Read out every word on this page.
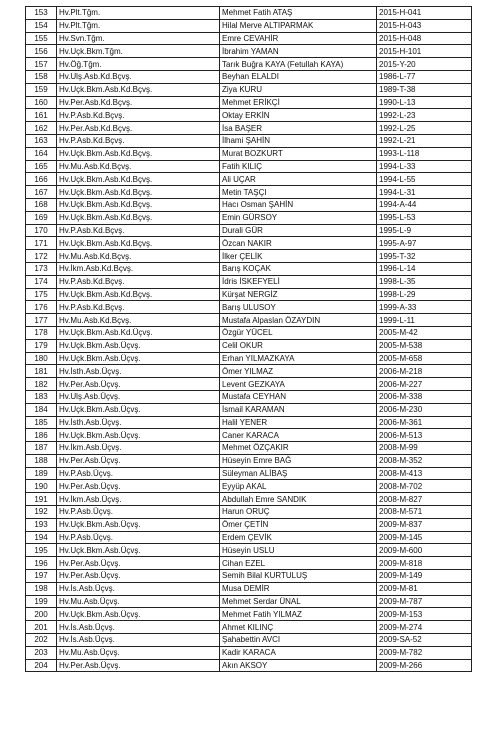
153	Hv.Plt.Tğm.	Mehmet Fatih ATAŞ	2015-H-041
154	Hv.Plt.Tğm.	Hilal Merve ALTIPARMAK	2015-H-043
155	Hv.Svn.Tğm.	Emre CEVAHİR	2015-H-048
156	Hv.Uçk.Bkm.Tğm.	İbrahim YAMAN	2015-H-101
157	Hv.Öğ.Tğm.	Tarık Buğra KAYA (Fetullah KAYA)	2015-Y-20
158	Hv.Ulş.Asb.Kd.Bçvş.	Beyhan ELALDI	1986-L-77
159	Hv.Uçk.Bkm.Asb.Kd.Bçvş.	Ziya KURU	1989-T-38
160	Hv.Per.Asb.Kd.Bçvş.	Mehmet ERİKÇİ	1990-L-13
161	Hv.P.Asb.Kd.Bçvş.	Oktay ERKİN	1992-L-23
162	Hv.Per.Asb.Kd.Bçvş.	İsa BAŞER	1992-L-25
163	Hv.P.Asb.Kd.Bçvş.	İlhami ŞAHİN	1992-L-21
164	Hv.Uçk.Bkm.Asb.Kd.Bçvş.	Murat BOZKURT	1993-L-118
165	Hv.Mu.Asb.Kd.Bçvş.	Fatih KILIÇ	1994-L-33
166	Hv.Uçk.Bkm.Asb.Kd.Bçvş.	Ali UÇAR	1994-L-55
167	Hv.Uçk.Bkm.Asb.Kd.Bçvş.	Metin TAŞÇI	1994-L-31
168	Hv.Uçk.Bkm.Asb.Kd.Bçvş.	Hacı Osman ŞAHİN	1994-A-44
169	Hv.Uçk.Bkm.Asb.Kd.Bçvş.	Emin GÜRSOY	1995-L-53
170	Hv.P.Asb.Kd.Bçvş.	Durali GÜR	1995-L-9
171	Hv.Uçk.Bkm.Asb.Kd.Bçvş.	Özcan NAKIR	1995-A-97
172	Hv.Mu.Asb.Kd.Bçvş.	İlker ÇELİK	1995-T-32
173	Hv.İkm.Asb.Kd.Bçvş.	Barış KOÇAK	1996-L-14
174	Hv.P.Asb.Kd.Bçvş.	İdris İSKEFYELİ	1998-L-35
175	Hv.Uçk.Bkm.Asb.Kd.Bçvş.	Kürşat NERGİZ	1998-L-29
176	Hv.P.Asb.Kd.Bçvş.	Barış ULUSOY	1999-A-33
177	Hv.Mu.Asb.Kd.Bçvş.	Mustafa Alpaslan ÖZAYDIN	1999-L-11
178	Hv.Uçk.Bkm.Asb.Kd.Üçvş.	Özgür YÜCEL	2005-M-42
179	Hv.Uçk.Bkm.Asb.Üçvş.	Celil OKUR	2005-M-538
180	Hv.Uçk.Bkm.Asb.Üçvş.	Erhan YILMAZKAYA	2005-M-658
181	Hv.İsth.Asb.Üçvş.	Ömer YILMAZ	2006-M-218
182	Hv.Per.Asb.Üçvş.	Levent GEZKAYA	2006-M-227
183	Hv.Ulş.Asb.Üçvş.	Mustafa CEYHAN	2006-M-338
184	Hv.Uçk.Bkm.Asb.Üçvş.	İsmail KARAMAN	2006-M-230
185	Hv.İsth.Asb.Üçvş.	Halil YENER	2006-M-361
186	Hv.Uçk.Bkm.Asb.Üçvş.	Caner KARACA	2006-M-513
187	Hv.İkm.Asb.Üçvş.	Mehmet ÖZÇAKIR	2008-M-99
188	Hv.Per.Asb.Üçvş.	Hüseyin Emre BAĞ	2008-M-352
189	Hv.P.Asb.Üçvş.	Süleyman ALİBAŞ	2008-M-413
190	Hv.Per.Asb.Üçvş.	Eyyüp AKAL	2008-M-702
191	Hv.İkm.Asb.Üçvş.	Abdullah Emre SANDIK	2008-M-827
192	Hv.P.Asb.Üçvş.	Harun ORUÇ	2008-M-571
193	Hv.Uçk.Bkm.Asb.Üçvş.	Ömer ÇETİN	2009-M-837
194	Hv.P.Asb.Üçvş.	Erdem ÇEVİK	2009-M-145
195	Hv.Uçk.Bkm.Asb.Üçvş.	Hüseyin USLU	2009-M-600
196	Hv.Per.Asb.Üçvş.	Cihan EZEL	2009-M-818
197	Hv.Per.Asb.Üçvş.	Semih Bilal KURTULUŞ	2009-M-149
198	Hv.İs.Asb.Üçvş.	Musa DEMİR	2009-M-81
199	Hv.Mu.Asb.Üçvş.	Mehmet Serdar ÜNAL	2009-M-787
200	Hv.Uçk.Bkm.Asb.Üçvş.	Mehmet Fatih YILMAZ	2009-M-153
201	Hv.İs.Asb.Üçvş.	Ahmet KILINÇ	2009-M-274
202	Hv.İs.Asb.Üçvş.	Şahabettin AVCI	2009-SA-52
203	Hv.Mu.Asb.Üçvş.	Kadir KARACA	2009-M-782
204	Hv.Per.Asb.Üçvş.	Akın AKSOY	2009-M-266
